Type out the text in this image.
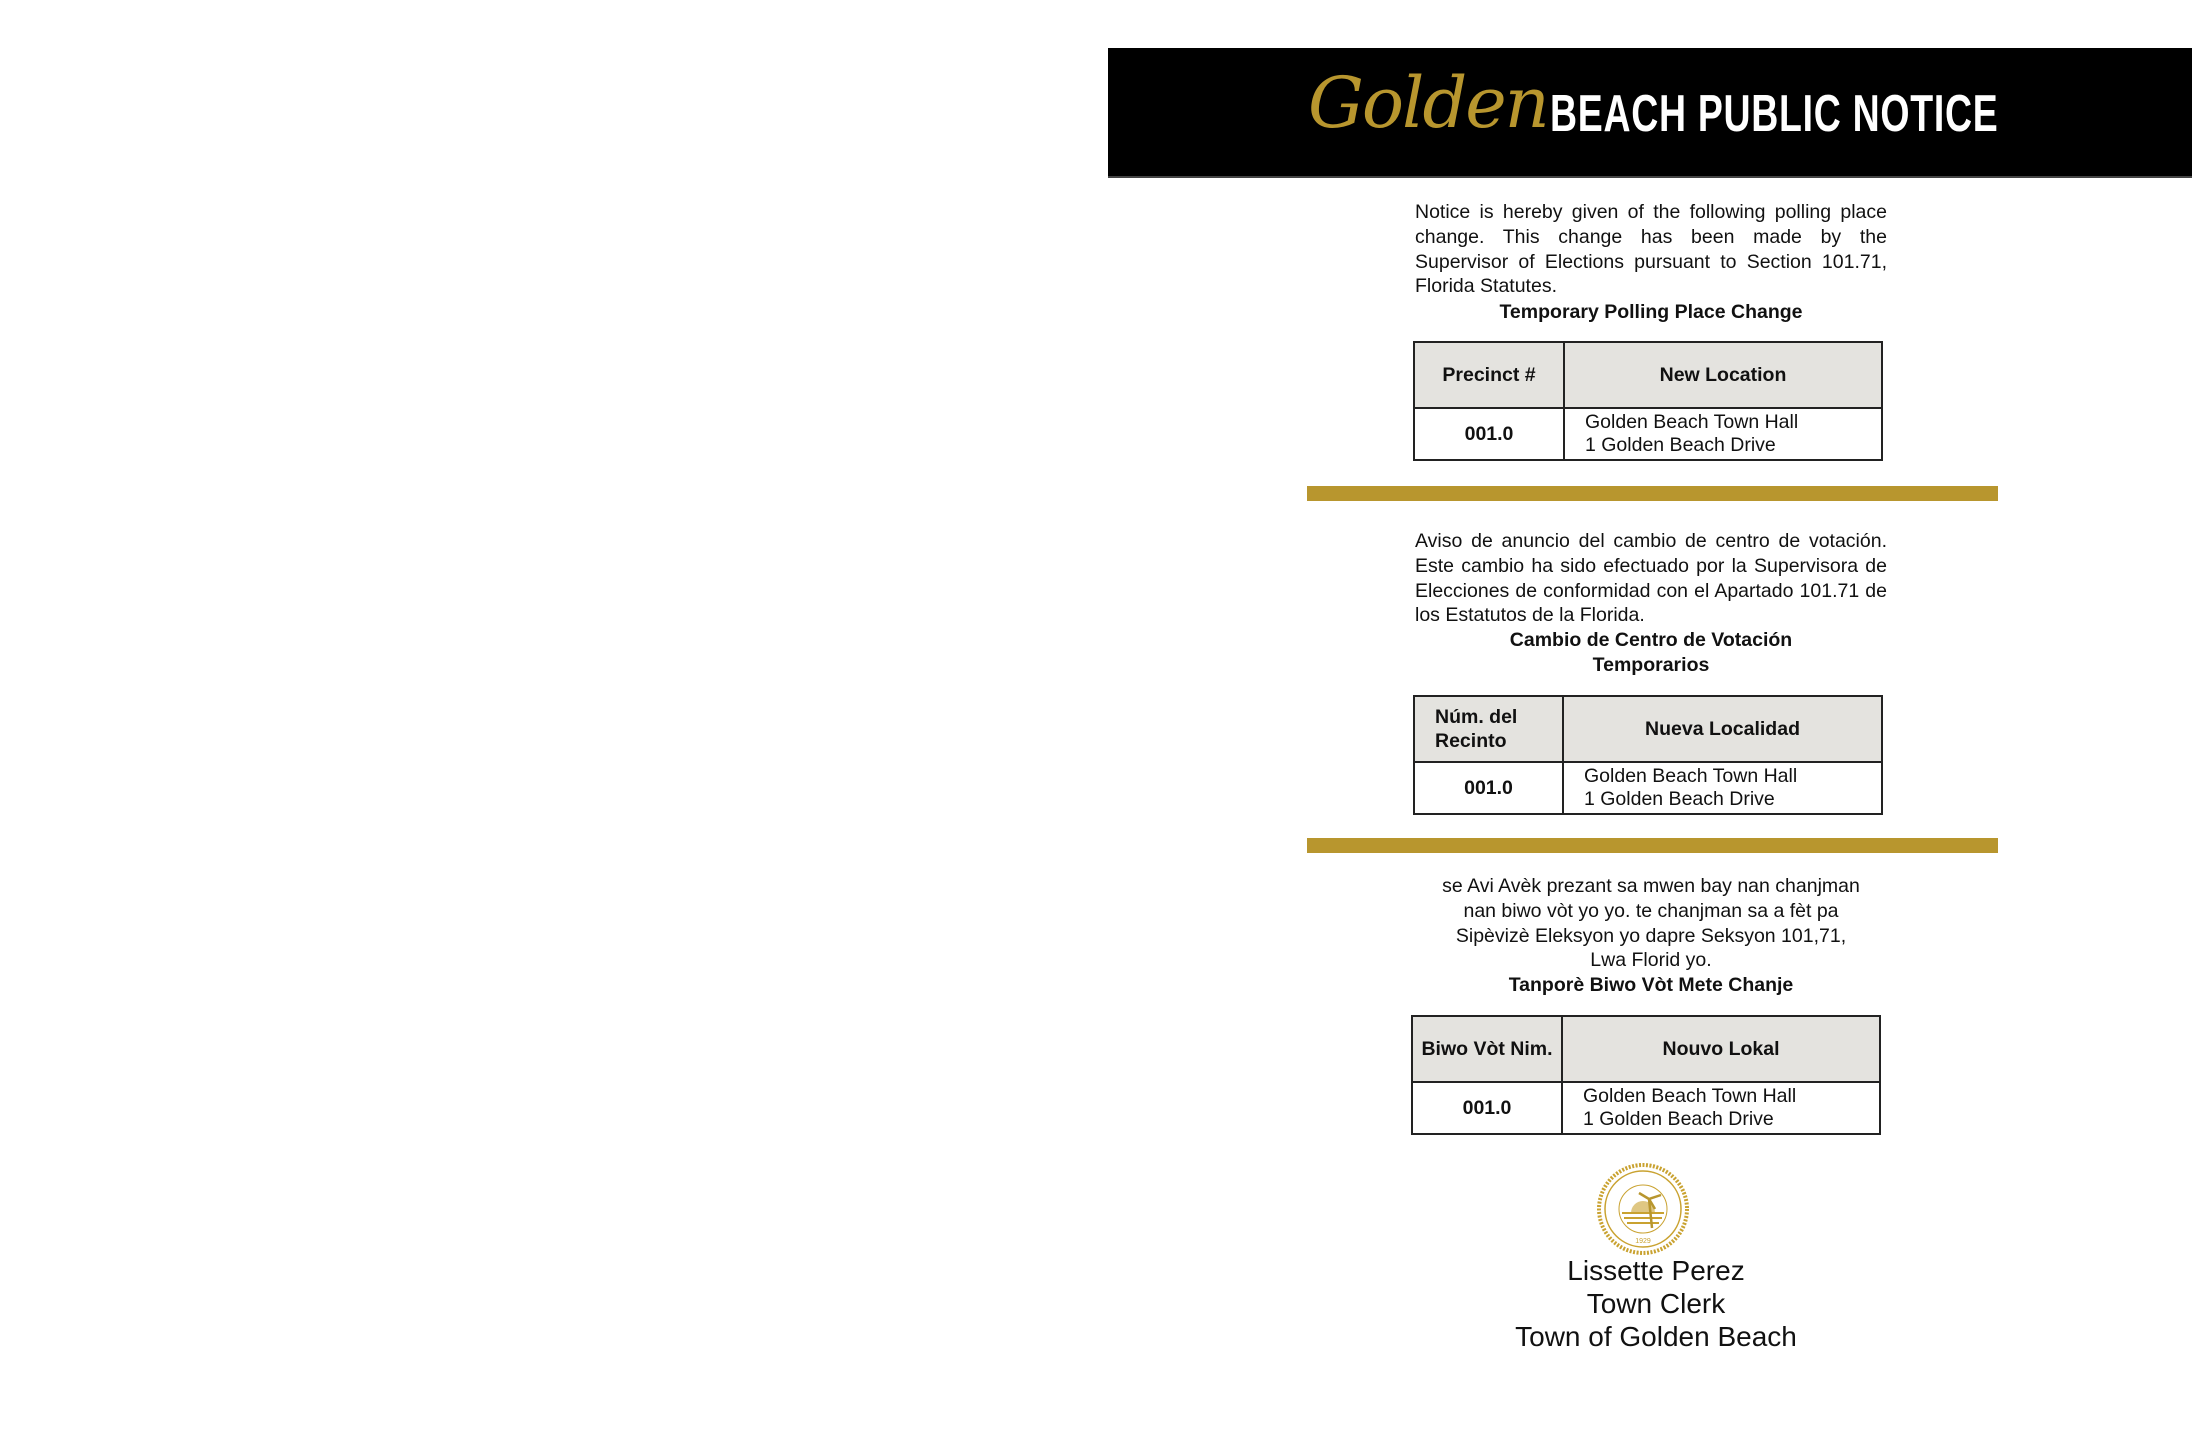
Golden BEACH PUBLIC NOTICE
Notice is hereby given of the following polling place change. This change has been made by the Supervisor of Elections pursuant to Section 101.71, Florida Statutes.
Temporary Polling Place Change
Precinct #	New Location
001.0	Golden Beach Town Hall
1 Golden Beach Drive
Aviso de anuncio del cambio de centro de votación. Este cambio ha sido efectuado por la Supervisora de Elecciones de conformidad con el Apartado 101.71 de los Estatutos de la Florida.
Cambio de Centro de Votación
Temporarios
Núm. del Recinto	Nueva Localidad
001.0	Golden Beach Town Hall
1 Golden Beach Drive
se Avi Avèk prezant sa mwen bay nan chanjman
nan biwo vòt yo yo. te chanjman sa a fèt pa
Sipèvizè Eleksyon yo dapre Seksyon 101,71,
Lwa Florid yo.
Tanporè Biwo Vòt Mete Chanje
Biwo Vòt Nim.	Nouvo Lokal
001.0	Golden Beach Town Hall
1 Golden Beach Drive
1929
Lissette Perez
Town Clerk
Town of Golden Beach
